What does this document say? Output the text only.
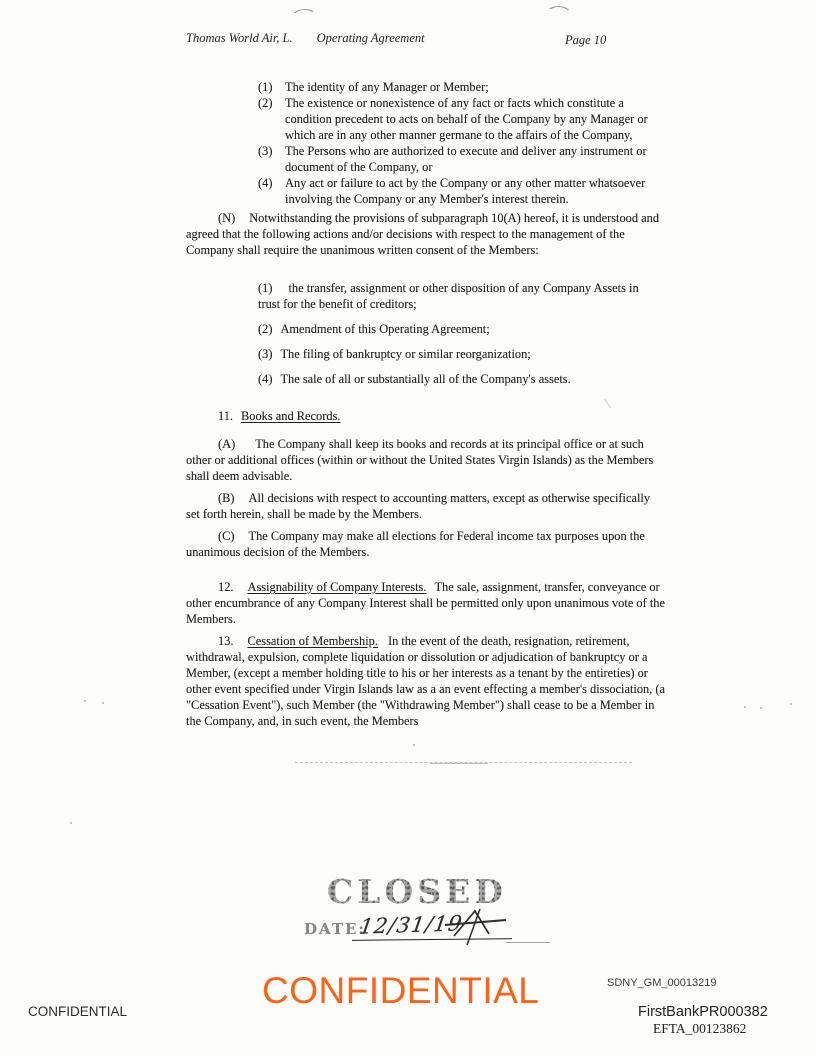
Thomas World Air, L. Operating Agreement	Page 10
(1) The identity of any Manager or Member;
(2) The existence or nonexistence of any fact or facts which constitute a condition precedent to acts on behalf of the Company by any Manager or which are in any other manner germane to the affairs of the Company,
(3) The Persons who are authorized to execute and deliver any instrument or document of the Company, or
(4) Any act or failure to act by the Company or any other matter whatsoever involving the Company or any Member's interest therein.
(N) Notwithstanding the provisions of subparagraph 10(A) hereof, it is understood and agreed that the following actions and/or decisions with respect to the management of the Company shall require the unanimous written consent of the Members:
(1) the transfer, assignment or other disposition of any Company Assets in trust for the benefit of creditors;
(2) Amendment of this Operating Agreement;
(3) The filing of bankruptcy or similar reorganization;
(4) The sale of all or substantially all of the Company's assets.
11. Books and Records.
(A) The Company shall keep its books and records at its principal office or at such other or additional offices (within or without the United States Virgin Islands) as the Members shall deem advisable.
(B) All decisions with respect to accounting matters, except as otherwise specifically set forth herein, shall be made by the Members.
(C) The Company may make all elections for Federal income tax purposes upon the unanimous decision of the Members.
12. Assignability of Company Interests. The sale, assignment, transfer, conveyance or other encumbrance of any Company Interest shall be permitted only upon unanimous vote of the Members.
13. Cessation of Membership. In the event of the death, resignation, retirement, withdrawal, expulsion, complete liquidation or dissolution or adjudication of bankruptcy or a Member, (except a member holding title to his or her interests as a tenant by the entireties) or other event specified under Virgin Islands law as a an event effecting a member's dissociation, (a "Cessation Event"), such Member (the "Withdrawing Member") shall cease to be a Member in the Company, and, in such event, the Members
CLOSED
DATE:
12/31/19
CONFIDENTIAL
CONFIDENTIAL	SDNY_GM_00013219
FirstBankPR000382
EFTA_00123862
